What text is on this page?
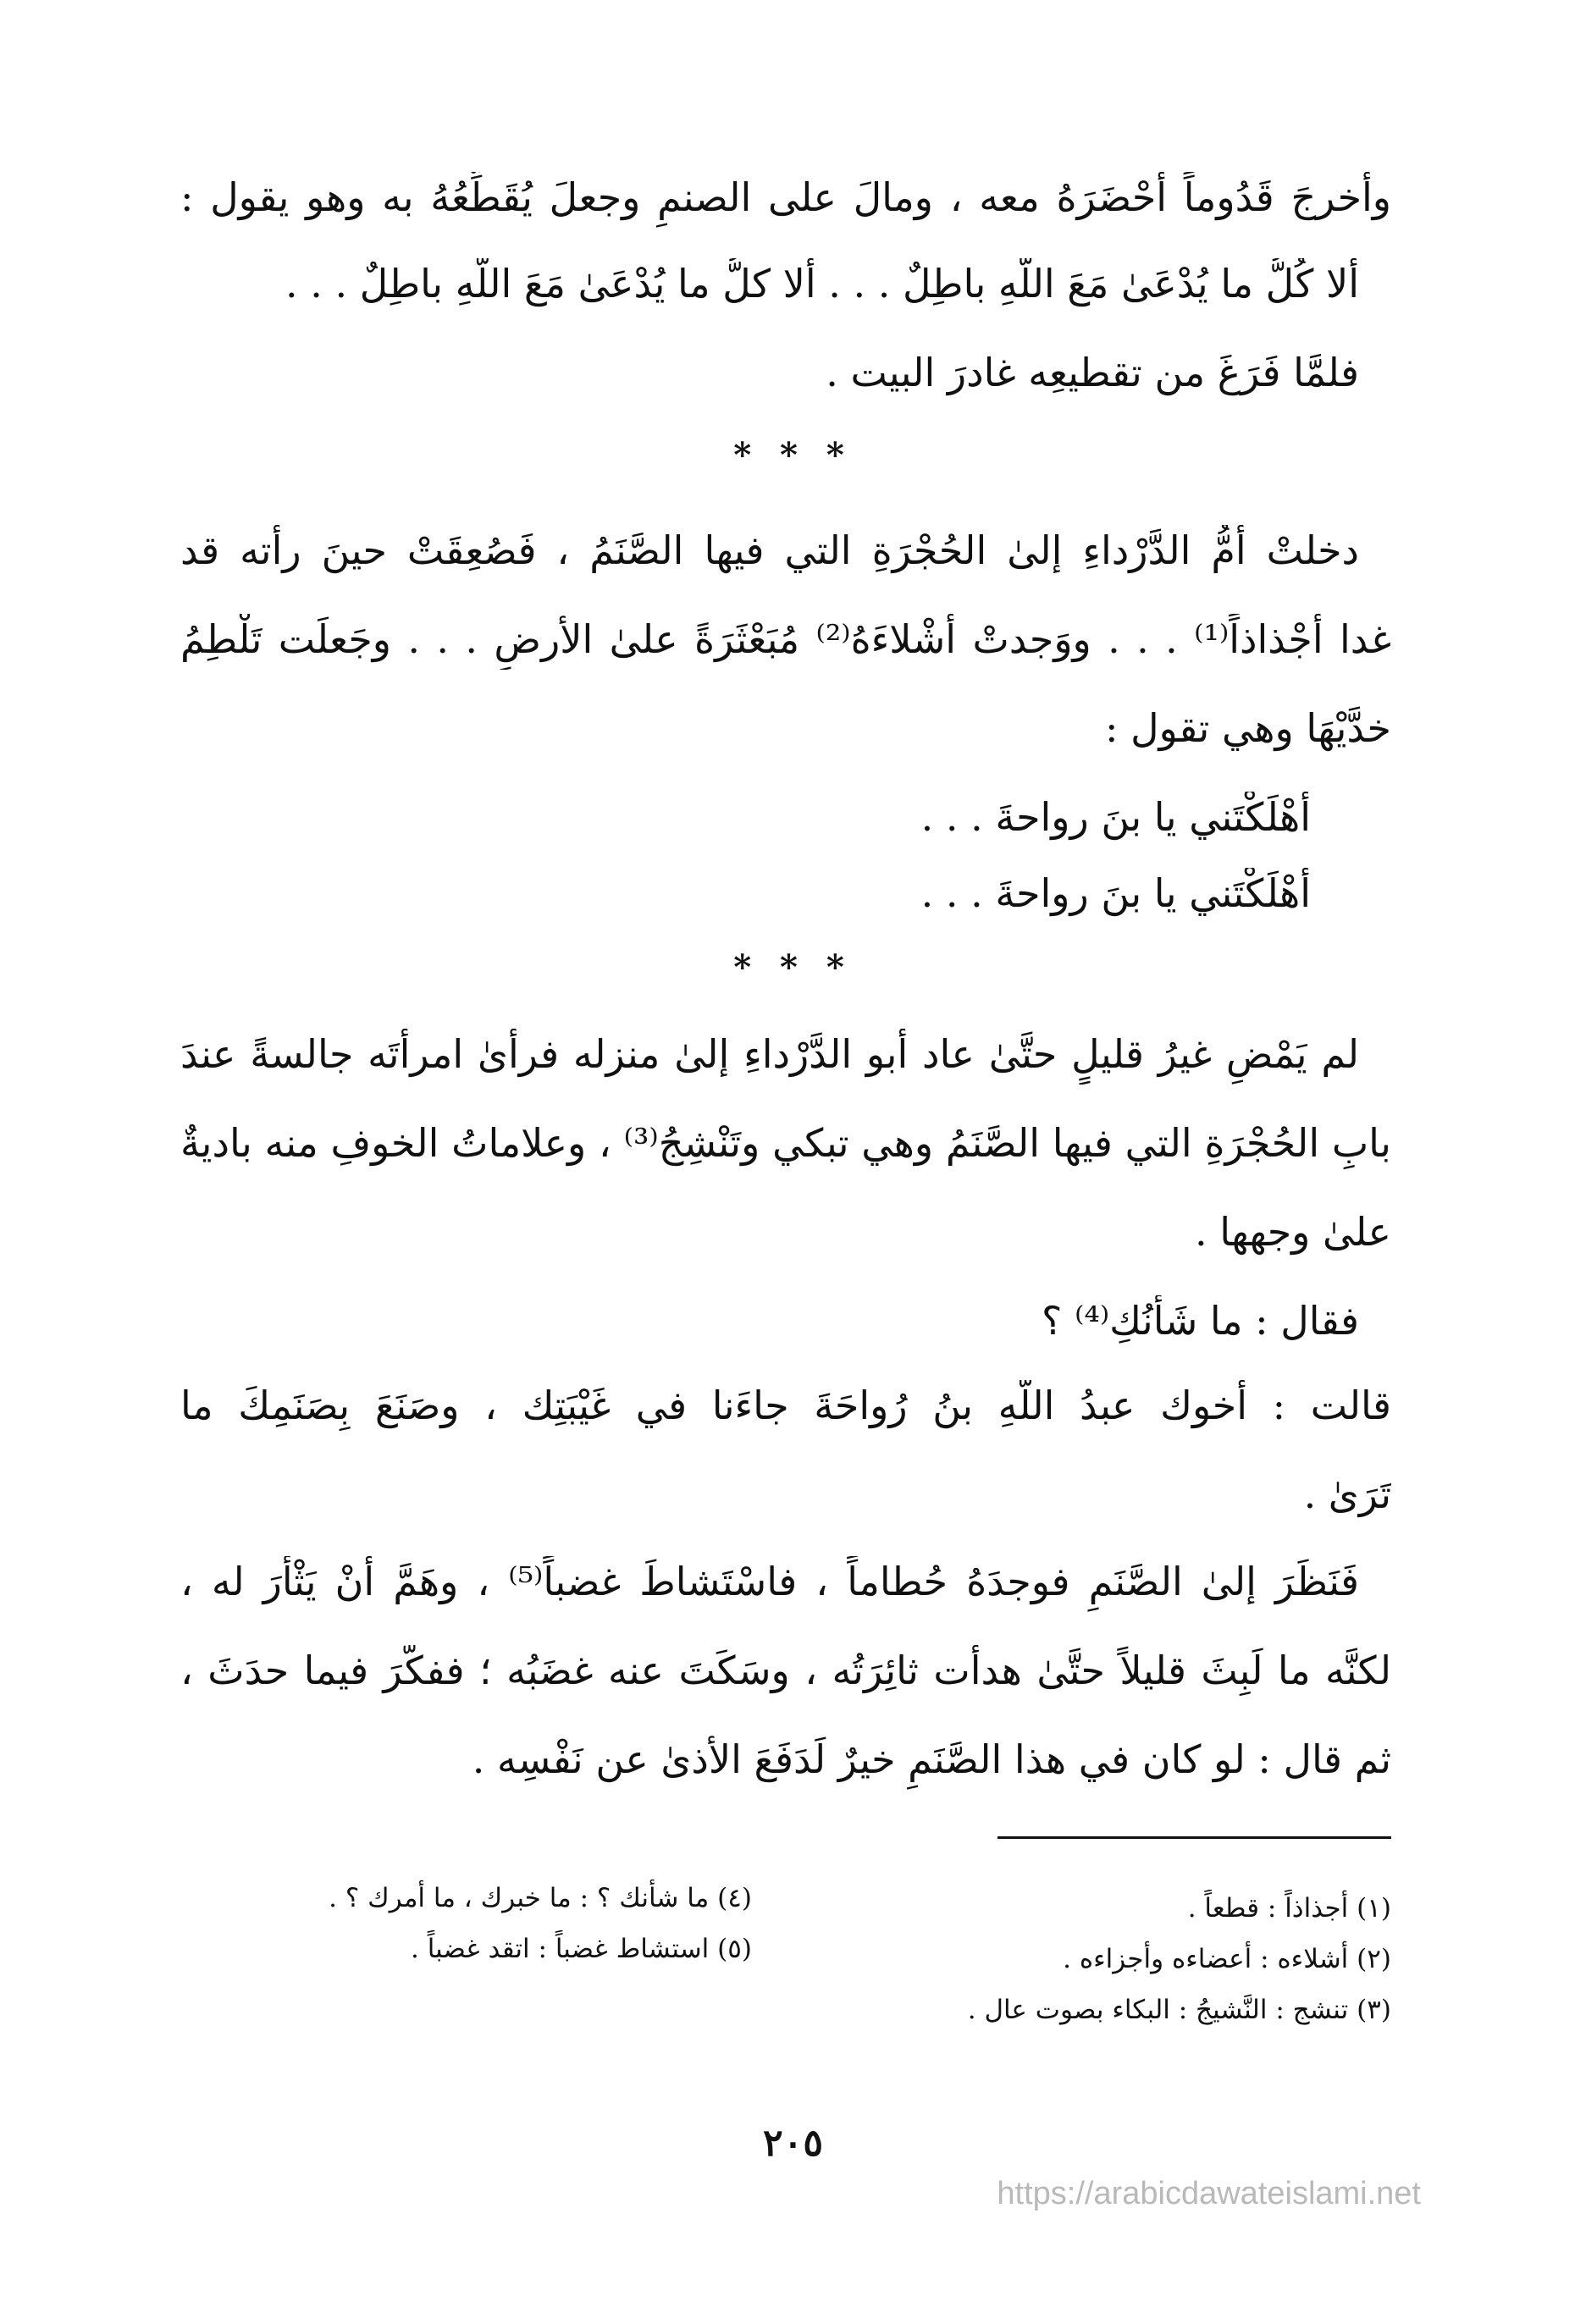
وأخرجَ قَدُوماً أَحْضَرَهُ معه ، ومالَ على الصنمِ وجعلَ يُقَطِّعُهُ به وهو يقول :
ألا كُلُّ ما يُدْعَىٰ مَعَ اللَّهِ باطِلٌ . . . ألا كلُّ ما يُدْعَىٰ مَعَ اللَّهِ باطِلٌ . . .
فلمَّا فَرَغَ من تقطيعِه غادرَ البيت .
* * *
دخلتْ أُمُّ الدَّرْداءِ إلىٰ الحُجْرَةِ التي فيها الصَّنَمُ ، فَصُعِقَتْ حينَ رأته قد
غدا أَجْذاذاً⁽¹⁾ . . . ووَجدتْ أَشْلاءَهُ⁽²⁾ مُبَعْثَرَةً علىٰ الأرضِ . . . وجَعلَت تَلْطِمُ
خدَّيْهَا وهي تقول :
أَهْلَكْتَني يا بنَ رواحةَ . . .
أَهْلَكْتَني يا بنَ رواحةَ . . .
* * *
لم يَمْضِ غيرُ قليلٍ حتَّىٰ عاد أبو الدَّرْداءِ إلىٰ منزله فرأىٰ امرأتَه جالسةً عندَ
بابِ الحُجْرَةِ التي فيها الصَّنَمُ وهي تبكي وتَنْشِجُ⁽³⁾ ، وعلاماتُ الخوفِ منه باديةٌ
علىٰ وجهها .
فقال : ما شَأْنُكِ⁽⁴⁾ ؟
قالت : أخوك عبدُ اللَّهِ بنُ رُواحَةَ جاءَنا في غَيْبَتِك ، وصَنَعَ بِصَنَمِكَ ما
تَرَىٰ .
فَنَظَرَ إلىٰ الصَّنَمِ فوجدَهُ حُطاماً ، فاسْتَشاطَ غضباً⁽⁵⁾ ، وهَمَّ أَنْ يَثْأَرَ له ،
لكنَّه ما لَبِثَ قليلاً حتَّىٰ هدأت ثائِرَتُه ، وسَكَتَ عنه غضَبُه ؛ ففكَّرَ فيما حدَثَ ،
ثم قال : لو كان في هذا الصَّنَمِ خيرٌ لَدَفَعَ الأذىٰ عن نَفْسِه .
(١) أجذاذاً : قطعاً .
(٢) أشلاءه : أعضاءه وأجزاءه .
(٣) تنشج : النَّشيجُ : البكاء بصوت عال .
(٤) ما شأنك ؟ : ما خبرك ، ما أمرك ؟ .
(٥) استشاط غضباً : اتقد غضباً .
٢٠٥
https://arabicdawateislami.net
